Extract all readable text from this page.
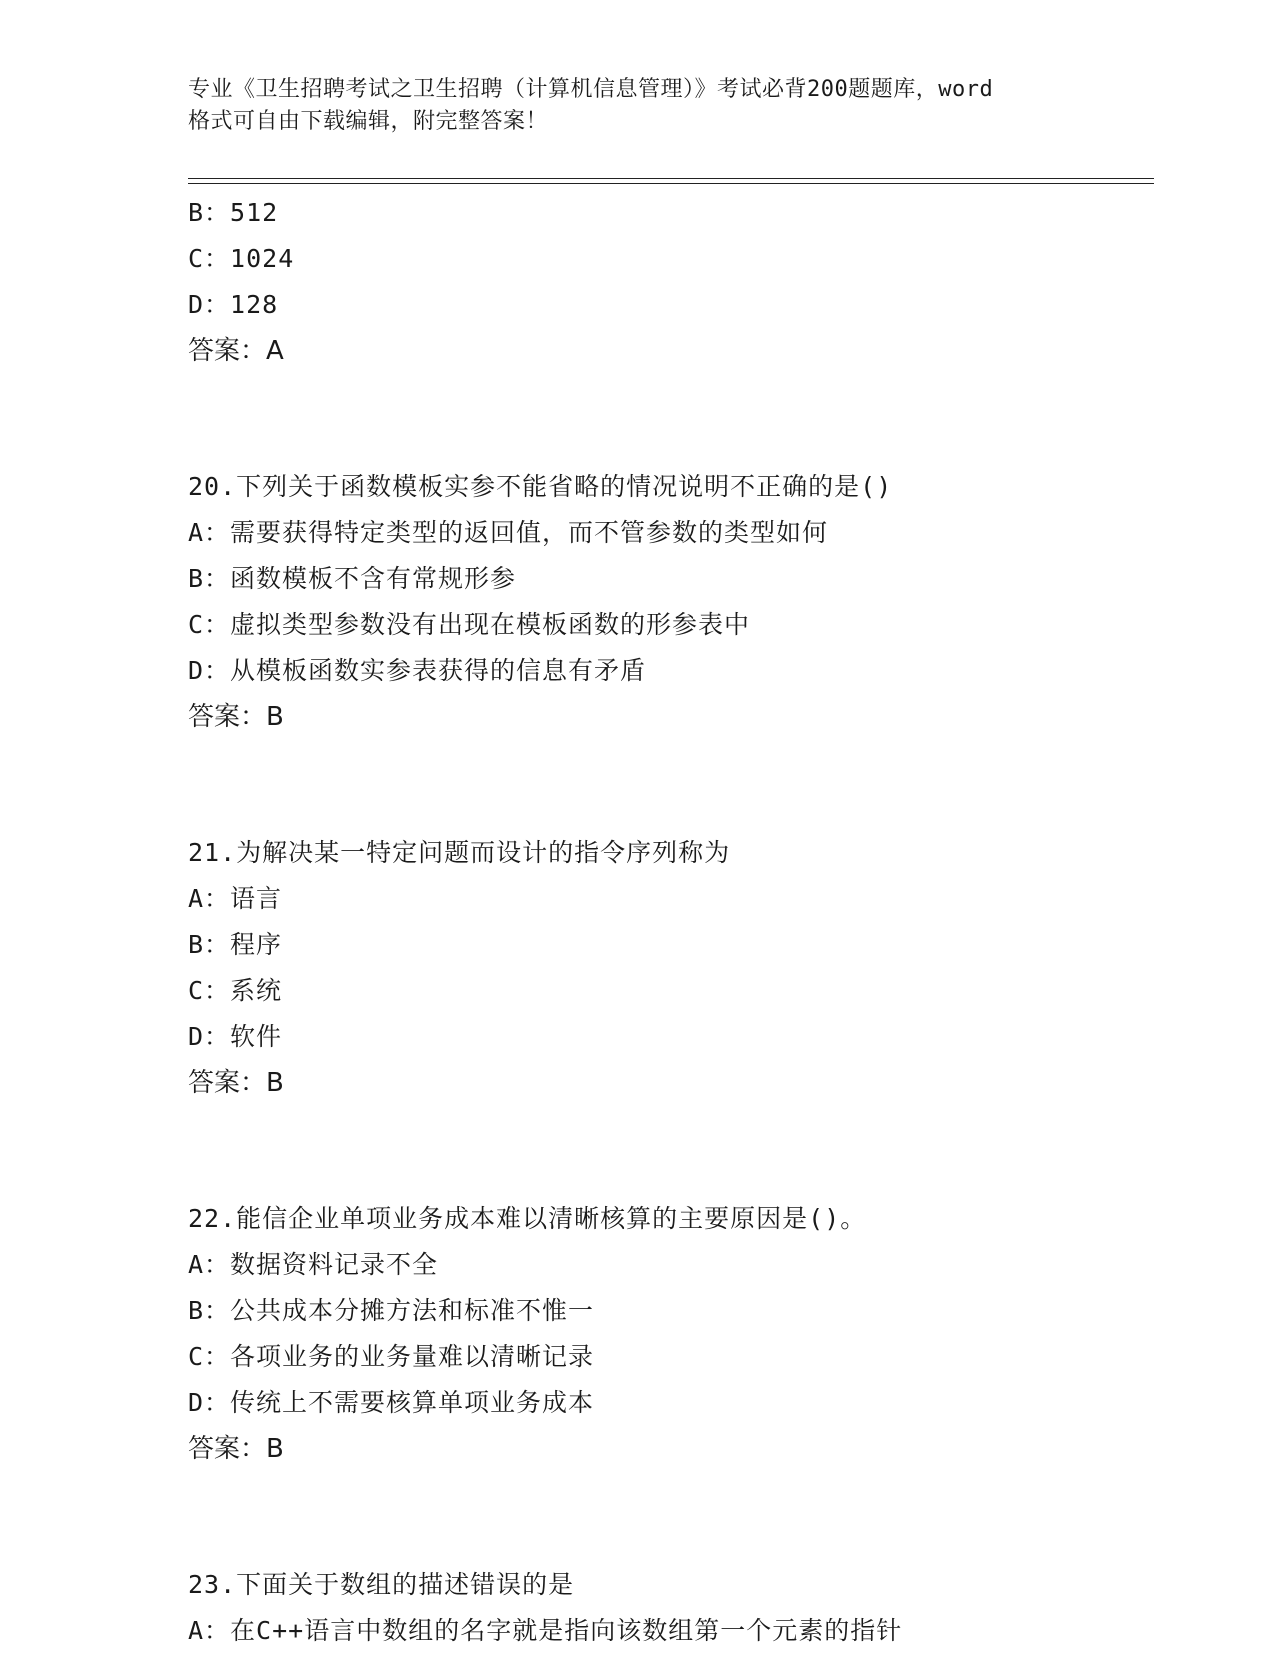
专业《卫生招聘考试之卫生招聘（计算机信息管理）》考试必背200题题库，word
格式可自由下载编辑，附完整答案！
B：512
C：1024
D：128
答案：A
20.下列关于函数模板实参不能省略的情况说明不正确的是()
A：需要获得特定类型的返回值，而不管参数的类型如何
B：函数模板不含有常规形参
C：虚拟类型参数没有出现在模板函数的形参表中
D：从模板函数实参表获得的信息有矛盾
答案：B
21.为解决某一特定问题而设计的指令序列称为
A：语言
B：程序
C：系统
D：软件
答案：B
22.能信企业单项业务成本难以清晰核算的主要原因是()。
A：数据资料记录不全
B：公共成本分摊方法和标准不惟一
C：各项业务的业务量难以清晰记录
D：传统上不需要核算单项业务成本
答案：B
23.下面关于数组的描述错误的是
A：在C++语言中数组的名字就是指向该数组第一个元素的指针
